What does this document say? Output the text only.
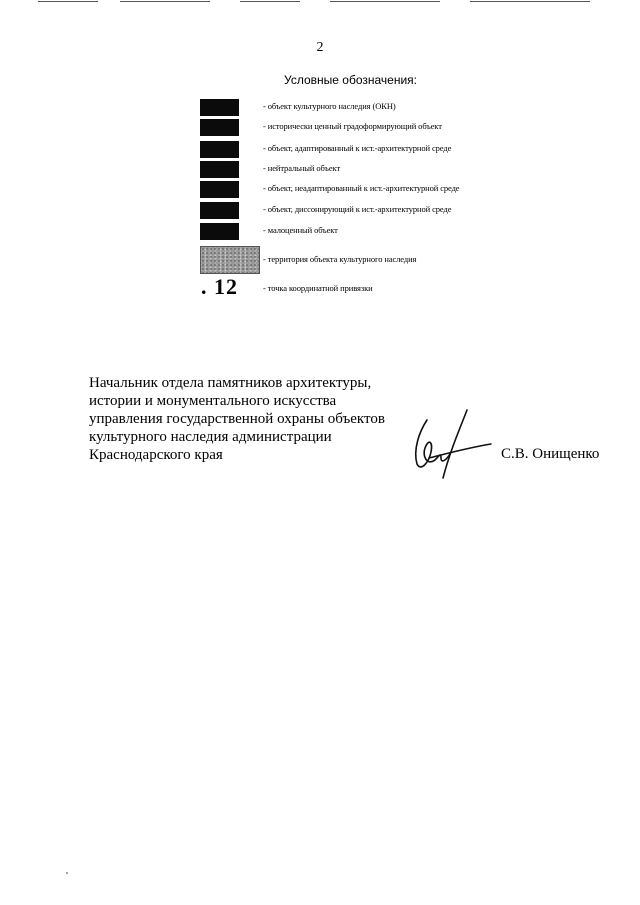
2
Условные обозначения:
- объект культурного наследия (ОКН)
- исторически ценный градоформирующий объект
- объект, адаптированный к ист.-архитектурной среде
- нейтральный объект
- объект, неадаптированный к ист.-архитектурной среде
- объект, диссонирующий к ист.-архитектурной среде
- малоценный объект
- территория объекта культурного наследия
. 12	- точка координатной привязки
Начальник отдела памятников архитектуры,
истории и монументального искусства
управления государственной охраны объектов
культурного наследия администрации
Краснодарского края	С.В. Онищенко
